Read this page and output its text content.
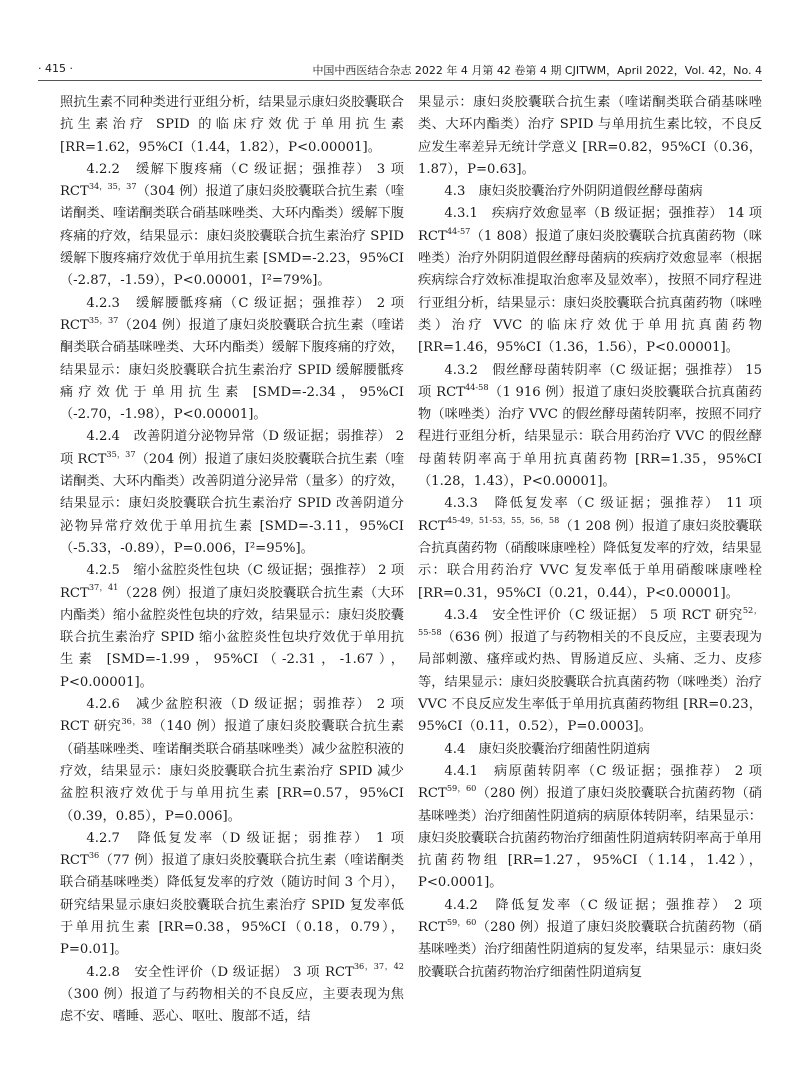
· 415 ·	中国中西医结合杂志 2022 年 4 月第 42 卷第 4 期 CJITWM，April 2022，Vol. 42，No. 4

照抗生素不同种类进行亚组分析，结果显示康妇炎胶囊联合抗生素治疗 SPID 的临床疗效优于单用抗生素 [RR=1.62，95%CI（1.44，1.82），P<0.00001]。

4.2.2　缓解下腹疼痛（C 级证据；强推荐） 3 项 $RCT^{34,35,37}(304$ 例）报道了康妇炎胶囊联合抗生素（喹诺酮类、喹诺酮类联合硝基咪唑类、大环内酯类）缓解下腹疼痛的疗效，结果显示：康妇炎胶囊联合抗生素治疗 SPID 缓解下腹疼痛疗效优于单用抗生素 [SMD=-2.23，95%CI（-2.87，-1.59），P<0.00001，I²=79%]。

4.2.3　缓解腰骶疼痛（C 级证据；强推荐） 2 项 $RCT^{35,37}(204$ 例）报道了康妇炎胶囊联合抗生素（喹诺酮类联合硝基咪唑类、大环内酯类）缓解下腹疼痛的疗效，结果显示：康妇炎胶囊联合抗生素治疗 SPID 缓解腰骶疼痛疗效优于单用抗生素 [SMD=-2.34，95%CI（-2.70，-1.98），P<0.00001]。

4.2.4　改善阴道分泌物异常（D 级证据；弱推荐） 2 项 $RCT^{35,37}(204$ 例）报道了康妇炎胶囊联合抗生素（喹诺酮类、大环内酯类）改善阴道分泌异常（量多）的疗效，结果显示：康妇炎胶囊联合抗生素治疗 SPID 改善阴道分泌物异常疗效优于单用抗生素 [SMD=-3.11，95%CI（-5.33，-0.89），P=0.006，I²=95%]。

4.2.5　缩小盆腔炎性包块（C 级证据；强推荐） 2 项 $RCT^{37,41}(228$ 例）报道了康妇炎胶囊联合抗生素（大环内酯类）缩小盆腔炎性包块的疗效，结果显示：康妇炎胶囊联合抗生素治疗 SPID 缩小盆腔炎性包块疗效优于单用抗生素 [SMD=-1.99，95%CI（-2.31，-1.67），P<0.00001]。

4.2.6　减少盆腔积液（D 级证据；弱推荐） 2 项 RCT 研究$^{36,38}$（140 例）报道了康妇炎胶囊联合抗生素（硝基咪唑类、喹诺酮类联合硝基咪唑类）减少盆腔积液的疗效，结果显示：康妇炎胶囊联合抗生素治疗 SPID 减少盆腔积液疗效优于与单用抗生素 [RR=0.57，95%CI（0.39，0.85），P=0.006]。

4.2.7　降低复发率（D 级证据；弱推荐） 1 项 RCT$^{36}$（77 例）报道了康妇炎胶囊联合抗生素（喹诺酮类联合硝基咪唑类）降低复发率的疗效（随访时间 3 个月），研究结果显示康妇炎胶囊联合抗生素治疗 SPID 复发率低于单用抗生素 [RR=0.38，95%CI（0.18，0.79），P=0.01]。

4.2.8　安全性评价（D 级证据） 3 项 $RCT^{36,37,42}(300$ 例）报道了与药物相关的不良反应，主要表现为焦虑不安、嗜睡、恶心、呕吐、腹部不适，结

果显示：康妇炎胶囊联合抗生素（喹诺酮类联合硝基咪唑类、大环内酯类）治疗 SPID 与单用抗生素比较，不良反应发生率差异无统计学意义 [RR=0.82，95%CI（0.36，1.87），P=0.63]。

4.3　康妇炎胶囊治疗外阴阴道假丝酵母菌病

4.3.1　疾病疗效愈显率（B 级证据；强推荐） 14 项 RCT$^{44-57}$（1 808）报道了康妇炎胶囊联合抗真菌药物（咪唑类）治疗外阴阴道假丝酵母菌病的疾病疗效愈显率（根据疾病综合疗效标准提取治愈率及显效率），按照不同疗程进行亚组分析，结果显示：康妇炎胶囊联合抗真菌药物（咪唑类）治疗 VVC 的临床疗效优于单用抗真菌药物 [RR=1.46，95%CI（1.36，1.56），P<0.00001]。

4.3.2　假丝酵母菌转阴率（C 级证据；强推荐） 15 项 RCT$^{44-58}$（1 916 例）报道了康妇炎胶囊联合抗真菌药物（咪唑类）治疗 VVC 的假丝酵母菌转阴率，按照不同疗程进行亚组分析，结果显示：联合用药治疗 VVC 的假丝酵母菌转阴率高于单用抗真菌药物 [RR=1.35，95%CI（1.28，1.43），P<0.00001]。

4.3.3　降低复发率（C 级证据；强推荐） 11 项 $RCT^{45-49,51-53,55,56,58}(1$ 208 例）报道了康妇炎胶囊联合抗真菌药物（硝酸咪康唑栓）降低复发率的疗效，结果显示：联合用药治疗 VVC 复发率低于单用硝酸咪康唑栓 [RR=0.31，95%CI（0.21，0.44），P<0.00001]。

4.3.4　安全性评价（C 级证据） 5 项 RCT 研究$^{52,55-58}$（636 例）报道了与药物相关的不良反应，主要表现为局部刺激、瘙痒或灼热、胃肠道反应、头痛、乏力、皮疹等，结果显示：康妇炎胶囊联合抗真菌药物（咪唑类）治疗 VVC 不良反应发生率低于单用抗真菌药物组 [RR=0.23，95%CI（0.11，0.52），P=0.0003]。

4.4　康妇炎胶囊治疗细菌性阴道病

4.4.1　病原菌转阴率（C 级证据；强推荐） 2 项 $RCT^{59,60}(280$ 例）报道了康妇炎胶囊联合抗菌药物（硝基咪唑类）治疗细菌性阴道病的病原体转阴率，结果显示：康妇炎胶囊联合抗菌药物治疗细菌性阴道病转阴率高于单用抗菌药物组 [RR=1.27，95%CI（1.14，1.42），P<0.0001]。

4.4.2　降低复发率（C 级证据；强推荐） 2 项 $RCT^{59,60}(280$ 例）报道了康妇炎胶囊联合抗菌药物（硝基咪唑类）治疗细菌性阴道病的复发率，结果显示：康妇炎胶囊联合抗菌药物治疗细菌性阴道病复
